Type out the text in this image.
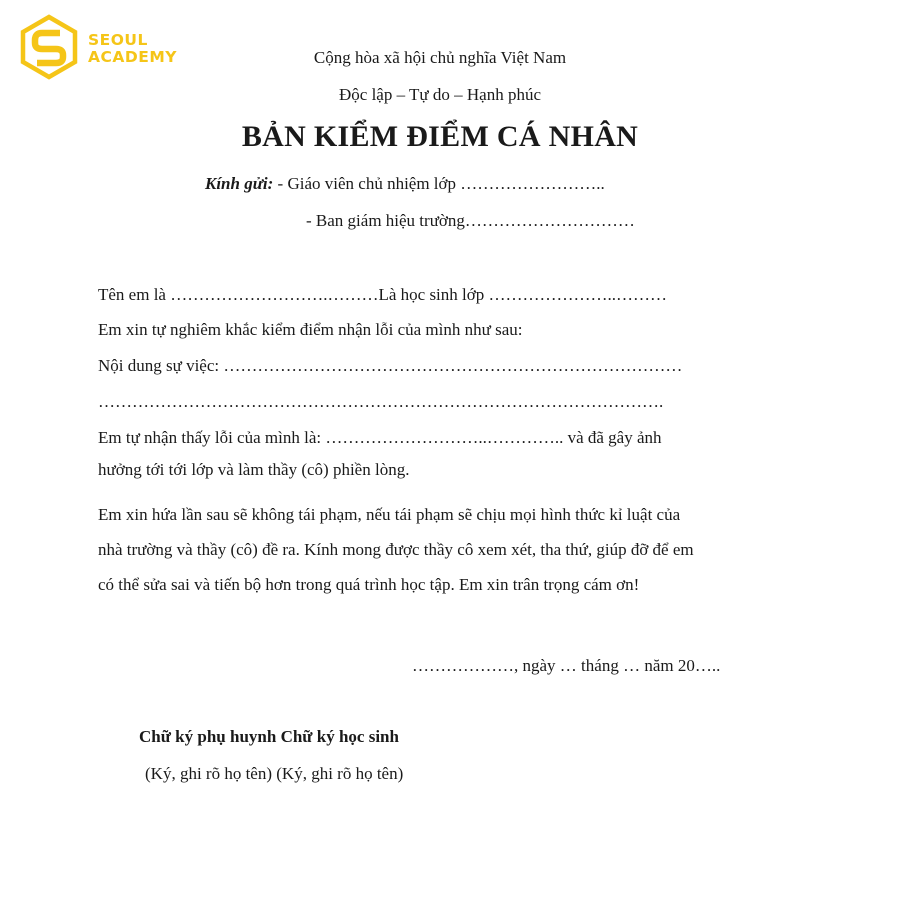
SEOUL
ACADEMY	Cộng hòa xã hội chủ nghĩa Việt Nam
Độc lập – Tự do – Hạnh phúc
BẢN KIỂM ĐIỂM CÁ NHÂN
Kính gửi: - Giáo viên chủ nhiệm lớp ……………………..
- Ban giám hiệu trường…………………………
Tên em là ……………………….………Là học sinh lớp …………………..………
Em xin tự nghiêm khắc kiểm điểm nhận lỗi của mình như sau:
Nội dung sự việc: ………………………………………………………………………
……………………………………………………………………………………….
Em tự nhận thấy lỗi của mình là: ………………………..………….. và đã gây ảnh
hưởng tới tới lớp và làm thầy (cô) phiền lòng.
Em xin hứa lần sau sẽ không tái phạm, nếu tái phạm sẽ chịu mọi hình thức kỉ luật của
nhà trường và thầy (cô) đề ra. Kính mong được thầy cô xem xét, tha thứ, giúp đỡ để em
có thể sửa sai và tiến bộ hơn trong quá trình học tập. Em xin trân trọng cám ơn!
………………, ngày … tháng … năm 20…..
Chữ ký phụ huynh Chữ ký học sinh
(Ký, ghi rõ họ tên) (Ký, ghi rõ họ tên)
